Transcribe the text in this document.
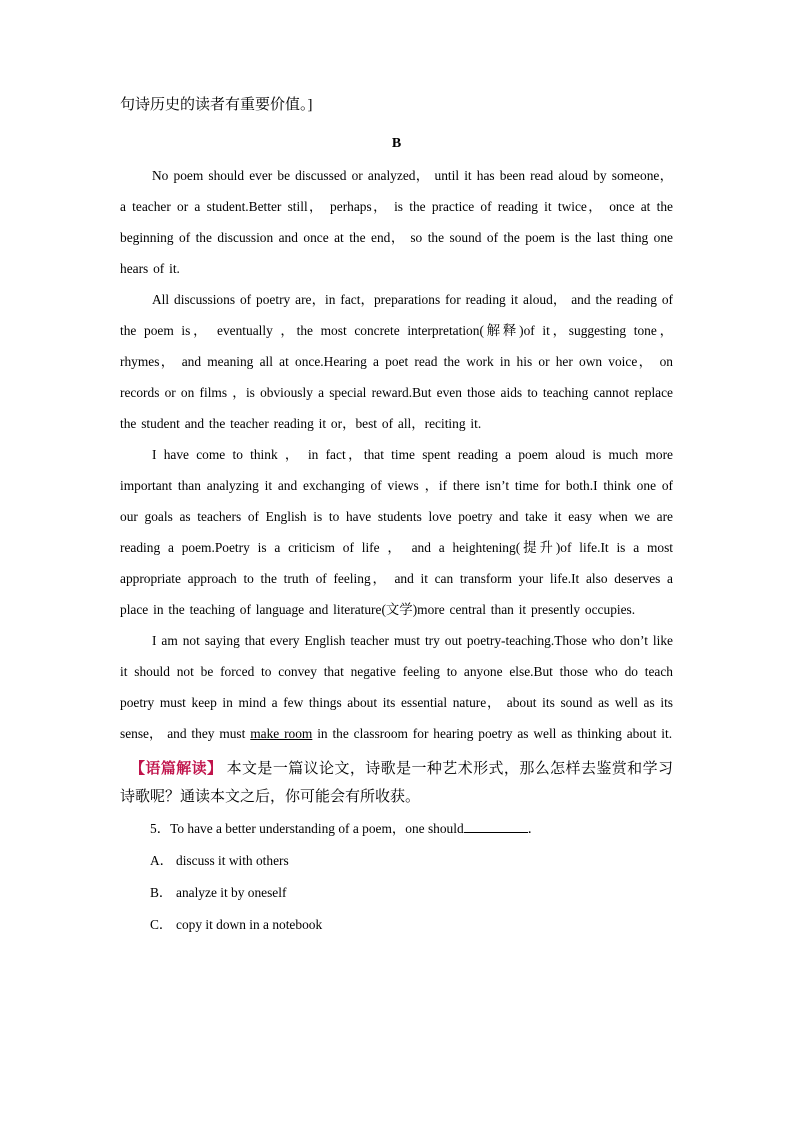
句诗历史的读者有重要价值。]

B

No poem should ever be discussed or analyzed， until it has been read aloud by someone， a teacher or a student.Better still， perhaps， is the practice of reading it twice， once at the beginning of the discussion and once at the end， so the sound of the poem is the last thing one hears of it.

All discussions of poetry are，in fact，preparations for reading it aloud， and the reading of the poem is， eventually ，the most concrete interpretation(解释)of it，suggesting tone，rhymes， and meaning all at once.Hearing a poet read the work in his or her own voice， on records or on films ，is obviously a special reward.But even those aids to teaching cannot replace the student and the teacher reading it or，best of all，reciting it.

I have come to think ， in fact，that time spent reading a poem aloud is much more important than analyzing it and exchanging of views ，if there isn’t time for both.I think one of our goals as teachers of English is to have students love poetry and take it easy when we are reading a poem.Poetry is a criticism of life ， and a heightening(提升)of life.It is a most appropriate approach to the truth of feeling， and it can transform your life.It also deserves a place in the teaching of language and literature(文学)more central than it presently occupies.

I am not saying that every English teacher must try out poetry-teaching.Those who don’t like it should not be forced to convey that negative feeling to anyone else.But those who do teach poetry must keep in mind a few things about its essential nature， about its sound as well as its sense， and they must make room in the classroom for hearing poetry as well as thinking about it.

【语篇解读】 本文是一篇议论文，诗歌是一种艺术形式，那么怎样去鉴赏和学习诗歌呢？通读本文之后，你可能会有所收获。

5．To have a better understanding of a poem，one should	．

A． discuss it with others

B． analyze it by oneself

C． copy it down in a notebook
